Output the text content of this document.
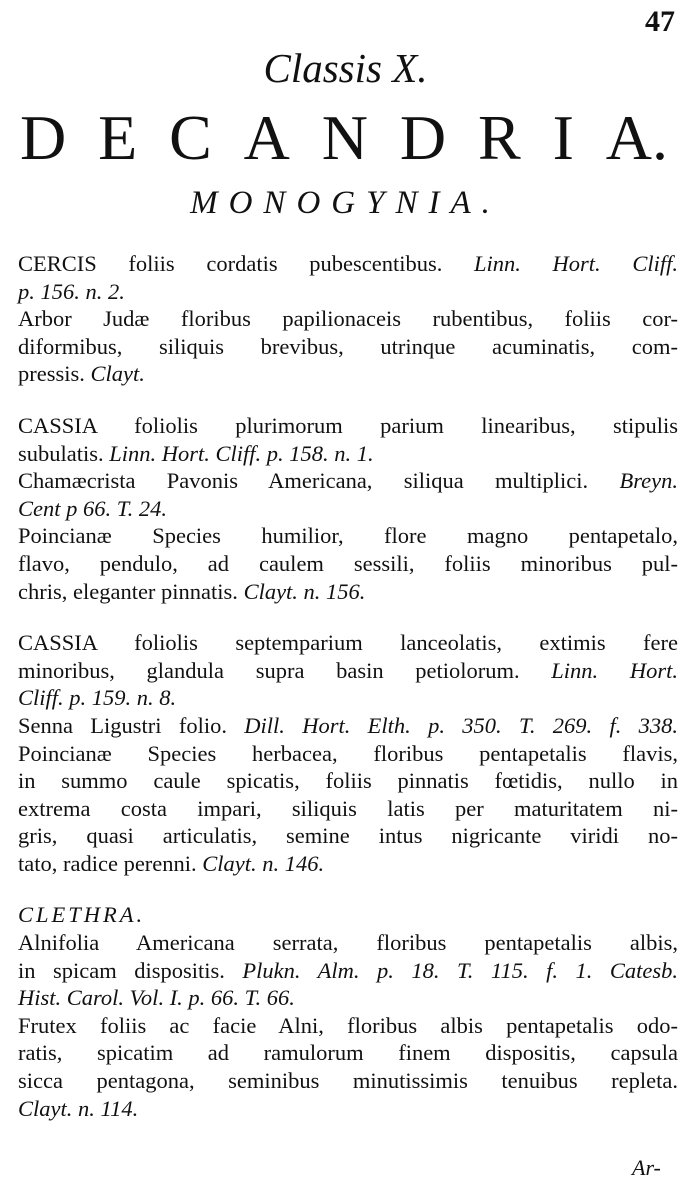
47
Classis X.
D E C A N D R I A.
MONOGYNIA.
CERCIS foliis cordatis pubescentibus. Linn. Hort. Cliff.
p. 156. n. 2.
Arbor Judæ floribus papilionaceis rubentibus, foliis cor-
diformibus, siliquis brevibus, utrinque acuminatis, com-
pressis. Clayt.
CASSIA foliolis plurimorum parium linearibus, stipulis
subulatis. Linn. Hort. Cliff. p. 158. n. 1.
Chamæcrista Pavonis Americana, siliqua multiplici. Breyn.
Cent p 66. T. 24.
Poincianæ Species humilior, flore magno pentapetalo,
flavo, pendulo, ad caulem sessili, foliis minoribus pul-
chris, eleganter pinnatis. Clayt. n. 156.
CASSIA foliolis septemparium lanceolatis, extimis fere
minoribus, glandula supra basin petiolorum. Linn. Hort.
Cliff. p. 159. n. 8.
Senna Ligustri folio. Dill. Hort. Elth. p. 350. T. 269. f. 338.
Poincianæ Species herbacea, floribus pentapetalis flavis,
in summo caule spicatis, foliis pinnatis fœtidis, nullo in
extrema costa impari, siliquis latis per maturitatem ni-
gris, quasi articulatis, semine intus nigricante viridi no-
tato, radice perenni. Clayt. n. 146.
CLETHRA.
Alnifolia Americana serrata, floribus pentapetalis albis,
in spicam dispositis. Plukn. Alm. p. 18. T. 115. f. 1. Catesb.
Hist. Carol. Vol. I. p. 66. T. 66.
Frutex foliis ac facie Alni, floribus albis pentapetalis odo-
ratis, spicatim ad ramulorum finem dispositis, capsula
sicca pentagona, seminibus minutissimis tenuibus repleta.
Clayt. n. 114.
Ar-
